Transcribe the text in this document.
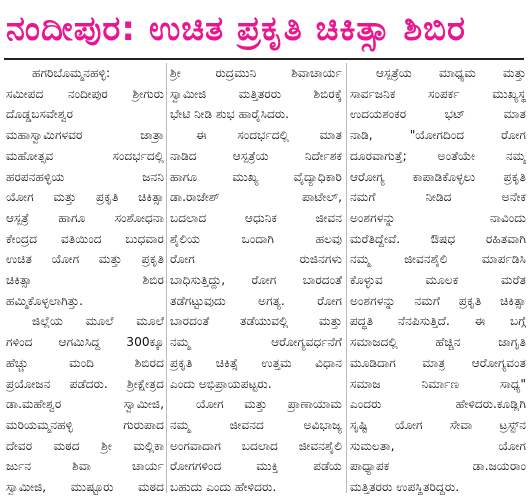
ನಂದೀಪುರ: ಉಚಿತ ಪ್ರಕೃತಿ ಚಿಕಿತ್ಸಾ ಶಿಬಿರ
ಹಗರಿಬೊಮ್ಮನಹಳ್ಳಿ:
ಸಮೀಪದ ನಂದೀಪುರ ಶ್ರೀಗುರು
ದೊಡ್ಡಬಸವೇಶ್ವರ
ಮಹಾಸ್ವಾಮಿಗಳವರ ಜಾತ್ರಾ
ಮಹೋತ್ಸವ ಸಂದರ್ಭದಲ್ಲಿ
ಹರಪನಹಳ್ಳಿಯ ಜನನಿ
ಯೋಗ ಮತ್ತು ಪ್ರಕೃತಿ ಚಿಕಿತ್ಸಾ
ಆಸ್ಪತ್ರೆ ಹಾಗೂ ಸಂಶೋಧನಾ
ಕೇಂದ್ರದ ವತಿಯಿಂದ ಬುಧವಾರ
ಉಚಿತ ಯೋಗ ಮತ್ತು ಪ್ರಕೃತಿ
ಚಿಕಿತ್ಸಾ ಶಿಬಿರ
ಹಮ್ಮಿಕೊಳ್ಳಲಾಗಿತ್ತು.
ಜಿಲ್ಲೆಯ ಮೂಲೆ ಮೂಲೆ
ಗಳಿಂದ ಆಗಮಿಸಿದ್ದ 300ಕ್ಕೂ
ಹೆಚ್ಚು ಮಂದಿ ಶಿಬಿರದ
ಪ್ರಯೋಜನ ಪಡೆದರು. ಶ್ರೀಕ್ಷೇತ್ರದ
ಡಾ.ಮಹೇಶ್ವರ ಸ್ವಾಮೀಜಿ,
ಮರಿಯಮ್ಮನಹಳ್ಳಿ ಗುರುಪಾದ
ದೇವರ ಮಠದ ಶ್ರೀ ಮಲ್ಲಿಕಾ
ರ್ಜುನ ಶಿವಾ ಚಾರ್ಯ
ಸ್ವಾಮೀಜಿ, ಮುಷ್ಟೂರು ಮಠದ
ಶ್ರೀ ರುದ್ರಮುನಿ ಶಿವಾಚಾರ್ಯ
ಸ್ವಾಮೀಜಿ ಮತ್ತಿತರರು ಶಿಬಿರಕ್ಕೆ
ಭೇಟಿ ನೀಡಿ ಶುಭ ಹಾರೈಸಿದರು.
ಈ ಸಂದರ್ಭದಲ್ಲಿ ಮಾತ
ನಾಡಿದ ಆಸ್ಪತ್ರೆಯ ನಿರ್ದೇಶಕ
ಹಾಗೂ ಮುಖ್ಯ ವೈದ್ಯಾಧಿಕಾರಿ
ಡಾ.ರಾಜೇಶ್ ಪಾಟೇಲ್,
ಬದಲಾದ ಆಧುನಿಕ ಜೀವನ
ಶೈಲಿಯ ಒಂದಾಗಿ ಹಲವು
ರೋಗ ರುಜಿನಗಳು
ಬಾಧಿಸುತ್ತಿದ್ದು, ರೋಗ ಬಾರದಂತೆ
ತಡೆಗಟ್ಟುವುದು ಅಗತ್ಯ. ರೋಗ
ಬಾರದಂತೆ ತಡೆಯುವಲ್ಲಿ ಮತ್ತು
ನಮ್ಮ ಆರೋಗ್ಯವರ್ಧನೆಗೆ
ಪ್ರಕೃತಿ ಚಿಕಿತ್ಸೆ ಉತ್ತಮ ವಿಧಾನ
ಎಂದು ಅಭಿಪ್ರಾಯಪಟ್ಟರು.
ಯೋಗ ಮತ್ತು ಪ್ರಾಣಾಯಾಮ
ನಮ್ಮ ಜೀವನದ ಅವಿಭಾಜ್ಯ
ಅಂಗವಾದಾಗ ಬದಲಾದ ಜೀವನಶೈಲಿ
ರೋಗಗಳಿಂದ ಮುಕ್ತಿ ಪಡೆಯ
ಬಹುದು ಎಂದು ಹೇಳಿದರು.
ಆಸ್ಪತ್ರೆಯ ಮಾಧ್ಯಮ ಮತ್ತು
ಸಾರ್ವಜನಿಕ ಸಂಪರ್ಕ ಮುಖ್ಯಸ್ಥ
ಉದಯಶಂಕರ ಭಟ್ ಮಾತ
ನಾಡಿ, "ಯೋಗದಿಂದ ರೋಗ
ದೂರವಾಗುತ್ತೆ; ಅಂತೆಯೇ ನಮ್ಮ
ಆರೋಗ್ಯ ಕಾಪಾಡಿಕೊಳ್ಳಲು ಪ್ರಕೃತಿ
ನಮಗೆ ನೀಡಿದ ಅನೇಕ
ಅಂಶಗಳನ್ನು ನಾವಿಂದು
ಮರೆತಿದ್ದೇವೆ. ಔಷಧ ರಹಿತವಾಗಿ
ನಮ್ಮ ಜೀವನಶೈಲಿ ಮಾರ್ಪಡಿಸಿ
ಕೊಳ್ಳುವ ಮೂಲಕ ಮರೆತ
ಅಂಶಗಳನ್ನು ನಮಗೆ ಪ್ರಕೃತಿ ಚಿಕಿತ್ಸಾ
ಪದ್ಧತಿ ನೆನಪಿಸುತ್ತಿದೆ. ಈ ಬಗ್ಗೆ
ಸಮಾಜದಲ್ಲಿ ಹೆಚ್ಚಿನ ಜಾಗೃತಿ
ಮೂಡಿದಾಗ ಮಾತ್ರ ಆರೋಗ್ಯವಂತ
ಸಮಾಜ ನಿರ್ಮಾಣ ಸಾಧ್ಯ"
ಎಂದರು ಹೇಳಿದರು.ಕೂಡ್ಲಿಗಿ
ಸೃಷ್ಟಿ ಯೋಗ ಸೇವಾ ಟ್ರಸ್ಟ್‌ನ
ಸುಮಲತಾ, ಯೋಗ
ಪಾಧ್ಯಾಪಕ ಡಾ.ಜಯರಾಂ
ಮತ್ತಿತರರು ಉಪಸ್ಥಿತರಿದ್ದರು.
